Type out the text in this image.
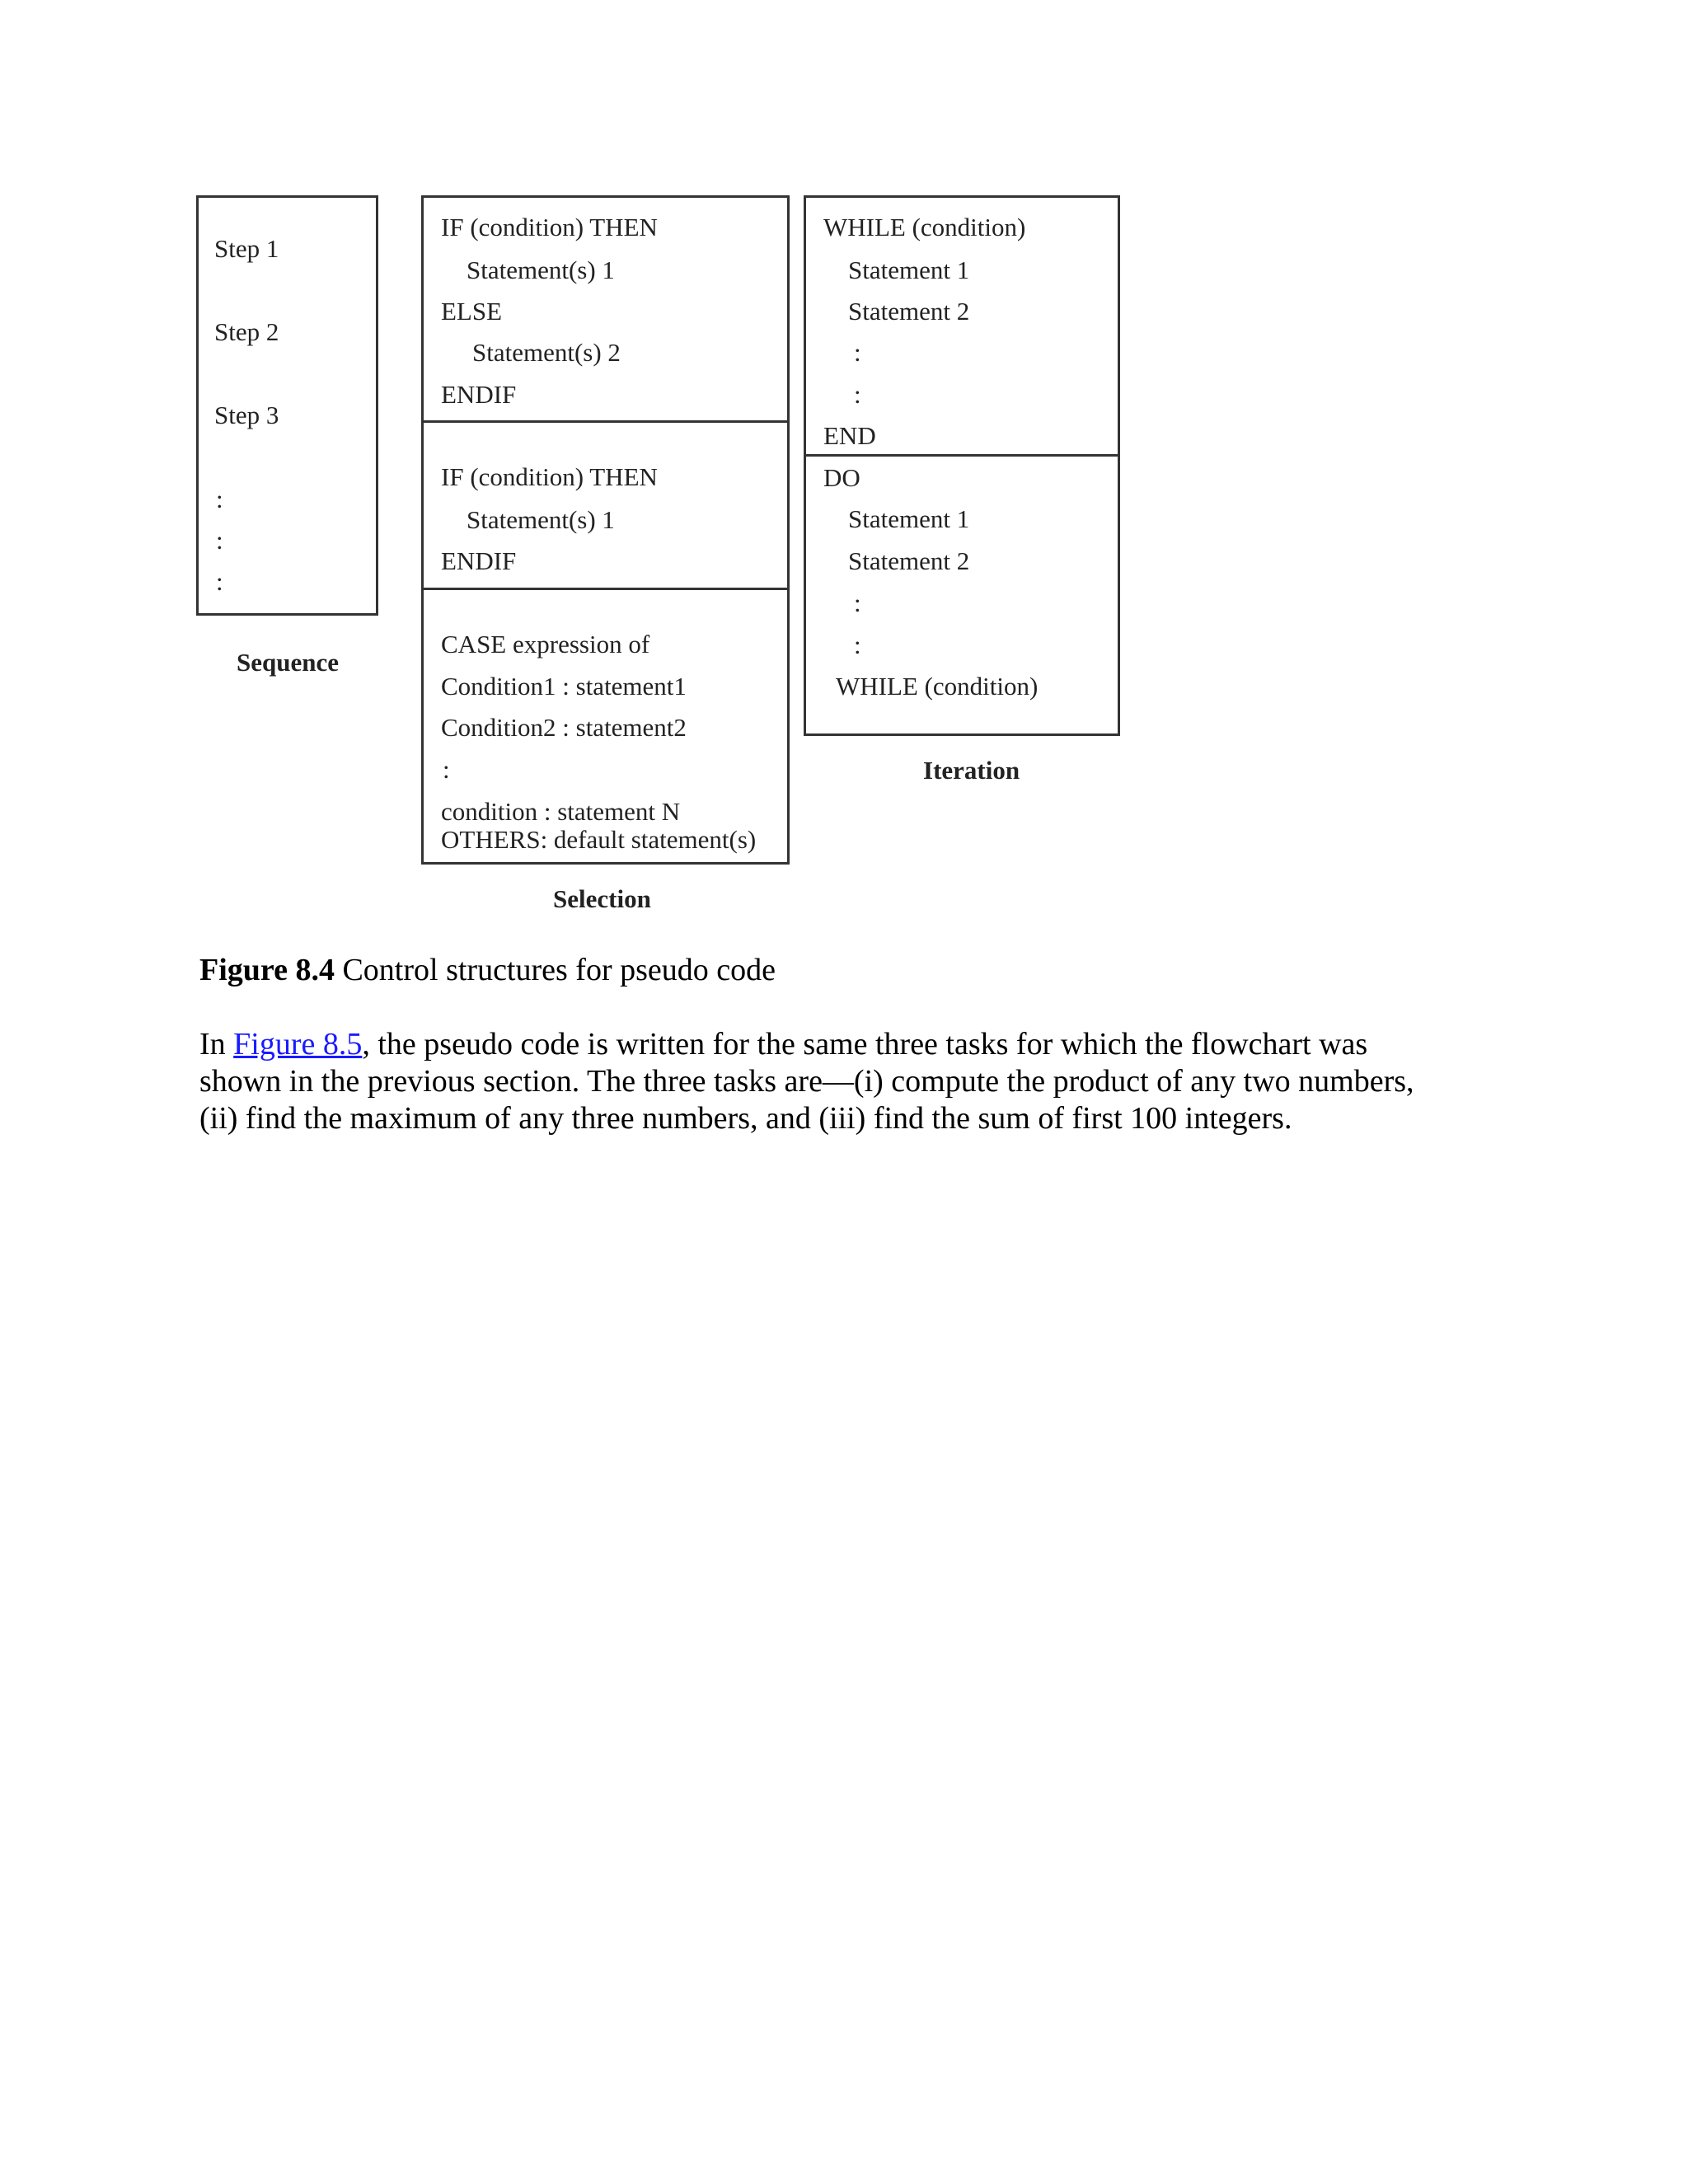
Step 1
Step 2
Step 3
:
:
:
Sequence
IF (condition) THEN
Statement(s) 1
ELSE
Statement(s) 2
ENDIF
IF (condition) THEN
Statement(s) 1
ENDIF
CASE expression of
Condition1 : statement1
Condition2 : statement2
:
condition : statement N
OTHERS: default statement(s)
Selection
WHILE (condition)
Statement 1
Statement 2
:
:
END
DO
Statement 1
Statement 2
:
:
WHILE (condition)
Iteration
Figure 8.4 Control structures for pseudo code
In Figure 8.5, the pseudo code is written for the same three tasks for which the flowchart was
shown in the previous section. The three tasks are—(i) compute the product of any two numbers,
(ii) find the maximum of any three numbers, and (iii) find the sum of first 100 integers.
